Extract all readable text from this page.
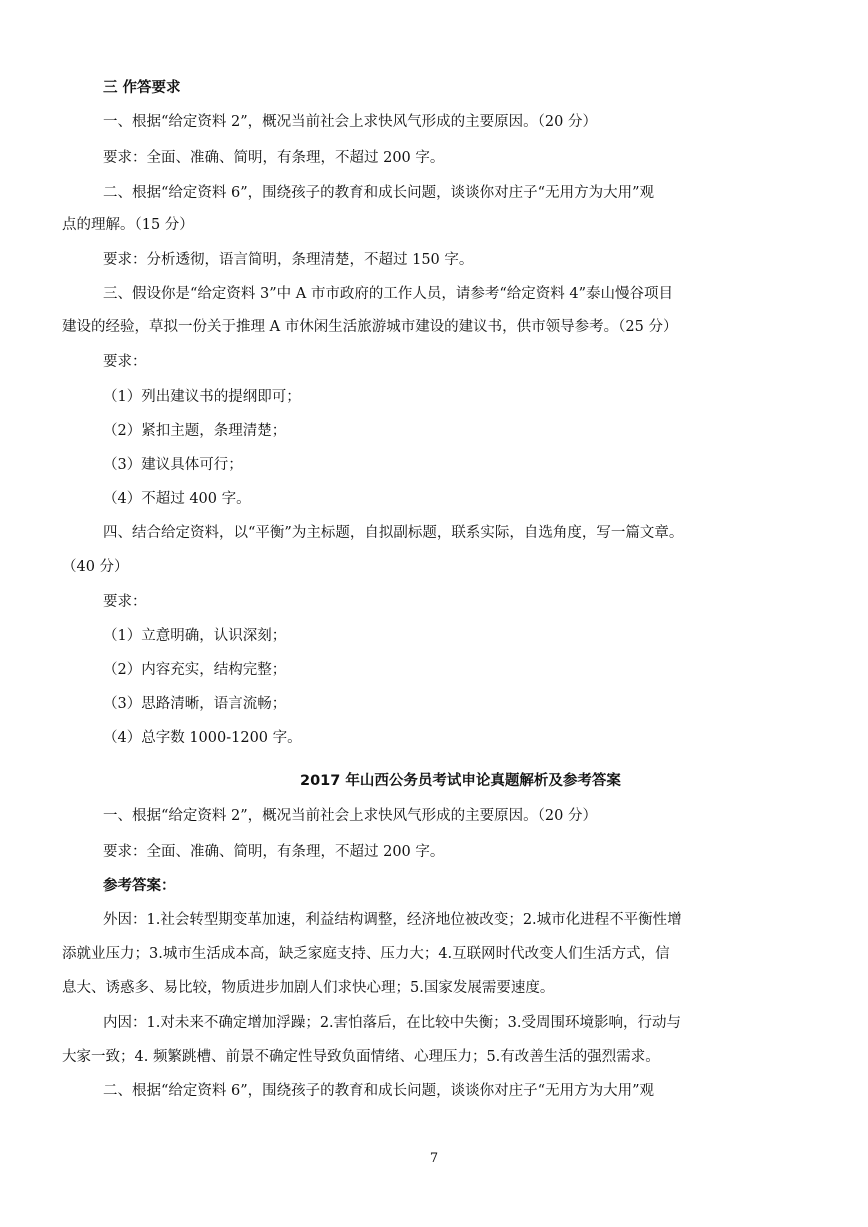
三 作答要求
一、根据“给定资料 2”，概况当前社会上求快风气形成的主要原因。（20 分）
要求：全面、准确、简明，有条理，不超过 200 字。
二、根据“给定资料 6”，围绕孩子的教育和成长问题，谈谈你对庄子“无用方为大用”观
点的理解。（15 分）
要求：分析透彻，语言简明，条理清楚，不超过 150 字。
三、假设你是“给定资料 3”中 A 市市政府的工作人员，请参考“给定资料 4”泰山慢谷项目
建设的经验，草拟一份关于推理 A 市休闲生活旅游城市建设的建议书，供市领导参考。（25 分）
要求：
（1）列出建议书的提纲即可；
（2）紧扣主题，条理清楚；
（3）建议具体可行；
（4）不超过 400 字。
四、结合给定资料，以“平衡”为主标题，自拟副标题，联系实际，自选角度，写一篇文章。
（40 分）
要求：
（1）立意明确，认识深刻；
（2）内容充实，结构完整；
（3）思路清晰，语言流畅；
（4）总字数 1000-1200 字。
2017 年山西公务员考试申论真题解析及参考答案
一、根据“给定资料 2”，概况当前社会上求快风气形成的主要原因。（20 分）
要求：全面、准确、简明，有条理，不超过 200 字。
参考答案：
外因：1.社会转型期变革加速，利益结构调整，经济地位被改变；2.城市化进程不平衡性增
添就业压力；3.城市生活成本高，缺乏家庭支持、压力大；4.互联网时代改变人们生活方式，信
息大、诱惑多、易比较，物质进步加剧人们求快心理；5.国家发展需要速度。
内因：1.对未来不确定增加浮躁；2.害怕落后，在比较中失衡；3.受周围环境影响，行动与
大家一致；4. 频繁跳槽、前景不确定性导致负面情绪、心理压力；5.有改善生活的强烈需求。
二、根据“给定资料 6”，围绕孩子的教育和成长问题，谈谈你对庄子“无用方为大用”观
7
